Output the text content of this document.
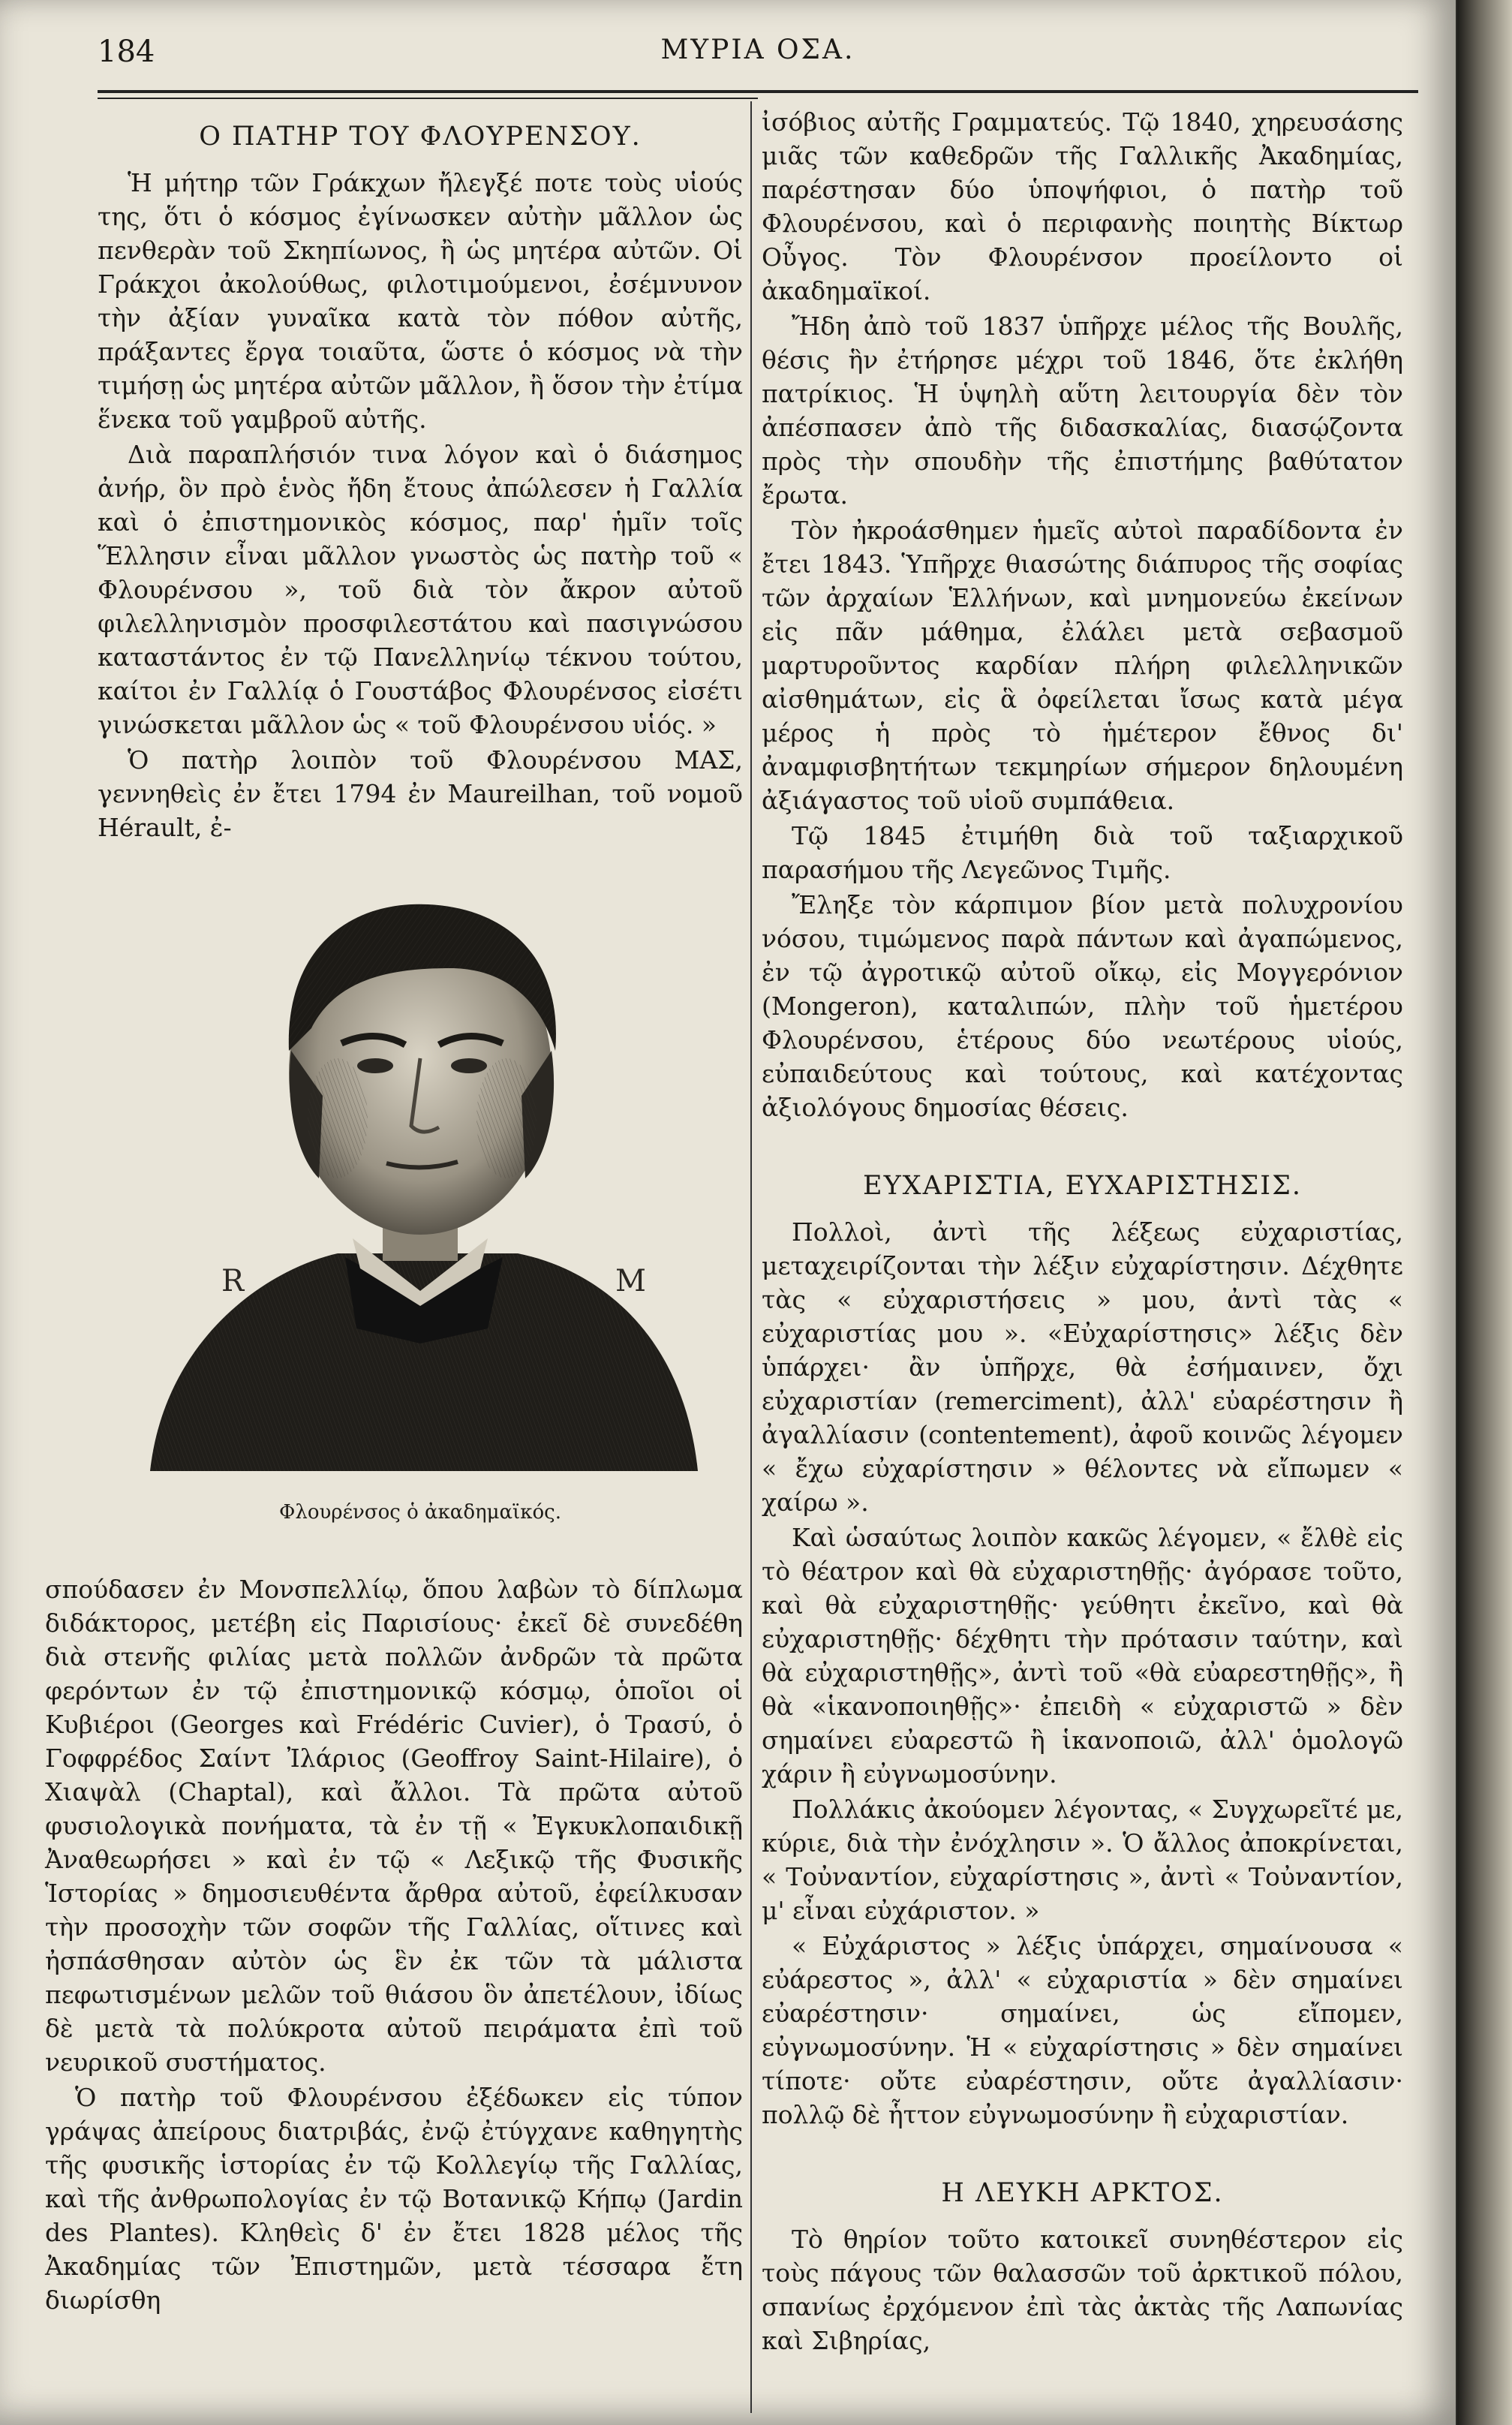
184	ΜΥΡΙΑ ΟΣΑ.
Ο ΠΑΤΗΡ ΤΟΥ ΦΛΟΥΡΕΝΣΟΥ.

Ἡ μήτηρ τῶν Γράκχων ἤλεγξέ ποτε τοὺς υἱούς της, ὅτι ὁ κόσμος ἐγίνωσκεν αὐτὴν μᾶλλον ὡς πενθερὰν τοῦ Σκηπίωνος, ἢ ὡς μητέρα αὐτῶν. Οἱ Γράκχοι ἀκολούθως, φιλοτιμούμενοι, ἐσέμνυνον τὴν ἀξίαν γυναῖκα κατὰ τὸν πόθον αὐτῆς, πράξαντες ἔργα τοιαῦτα, ὥστε ὁ κόσμος νὰ τὴν τιμήσῃ ὡς μητέρα αὐτῶν μᾶλλον, ἢ ὅσον τὴν ἐτίμα ἕνεκα τοῦ γαμβροῦ αὐτῆς.

Διὰ παραπλήσιόν τινα λόγον καὶ ὁ διάσημος ἀνήρ, ὃν πρὸ ἑνὸς ἤδη ἔτους ἀπώλεσεν ἡ Γαλλία καὶ ὁ ἐπιστημονικὸς κόσμος, παρ' ἡμῖν τοῖς Ἕλλησιν εἶναι μᾶλλον γνωστὸς ὡς πατὴρ τοῦ « Φλουρένσου », τοῦ διὰ τὸν ἄκρον αὐτοῦ φιλελληνισμὸν προσφιλεστάτου καὶ πασιγνώσου καταστάντος ἐν τῷ Πανελληνίῳ τέκνου τούτου, καίτοι ἐν Γαλλίᾳ ὁ Γουστάβος Φλουρένσος εἰσέτι γινώσκεται μᾶλλον ὡς « τοῦ Φλουρένσου υἱός. »

Ὁ πατὴρ λοιπὸν τοῦ Φλουρένσου ΜΑΣ, γεννηθεὶς ἐν ἔτει 1794 ἐν Maureilhan, τοῦ νομοῦ Hérault, ἐ-

R	M
Φλουρένσος ὁ ἀκαδημαϊκός.

σπούδασεν ἐν Μονσπελλίῳ, ὅπου λαβὼν τὸ δίπλωμα διδάκτορος, μετέβη εἰς Παρισίους· ἐκεῖ δὲ συνεδέθη διὰ στενῆς φιλίας μετὰ πολλῶν ἀνδρῶν τὰ πρῶτα φερόντων ἐν τῷ ἐπιστημονικῷ κόσμῳ, ὁποῖοι οἱ Κυβιέροι (Georges καὶ Frédéric Cuvier), ὁ Τρασύ, ὁ Γοφφρέδος Σαίντ Ἰλάριος (Geoffroy Saint-Hilaire), ὁ Χιαψὰλ (Chaptal), καὶ ἄλλοι. Τὰ πρῶτα αὐτοῦ φυσιολογικὰ πονήματα, τὰ ἐν τῇ « Ἐγκυκλοπαιδικῇ Ἀναθεωρήσει » καὶ ἐν τῷ « Λεξικῷ τῆς Φυσικῆς Ἱστορίας » δημοσιευθέντα ἄρθρα αὐτοῦ, ἐφείλκυσαν τὴν προσοχὴν τῶν σοφῶν τῆς Γαλλίας, οἵτινες καὶ ἠσπάσθησαν αὐτὸν ὡς ἓν ἐκ τῶν τὰ μάλιστα πεφωτισμένων μελῶν τοῦ θιάσου ὃν ἀπετέλουν, ἰδίως δὲ μετὰ τὰ πολύκροτα αὐτοῦ πειράματα ἐπὶ τοῦ νευρικοῦ συστήματος.

Ὁ πατὴρ τοῦ Φλουρένσου ἐξέδωκεν εἰς τύπον γράψας ἀπείρους διατριβάς, ἐνῷ ἐτύγχανε καθηγητὴς τῆς φυσικῆς ἱστορίας ἐν τῷ Κολλεγίῳ τῆς Γαλλίας, καὶ τῆς ἀνθρωπολογίας ἐν τῷ Βοτανικῷ Κήπῳ (Jardin des Plantes). Κληθεὶς δ' ἐν ἔτει 1828 μέλος τῆς Ἀκαδημίας τῶν Ἐπιστημῶν, μετὰ τέσσαρα ἔτη διωρίσθη

ἰσόβιος αὐτῆς Γραμματεύς. Τῷ 1840, χηρευσάσης μιᾶς τῶν καθεδρῶν τῆς Γαλλικῆς Ἀκαδημίας, παρέστησαν δύο ὑποψήφιοι, ὁ πατὴρ τοῦ Φλουρένσου, καὶ ὁ περιφανὴς ποιητὴς Βίκτωρ Οὖγος. Τὸν Φλουρένσον προείλοντο οἱ ἀκαδημαϊκοί.

Ἤδη ἀπὸ τοῦ 1837 ὑπῆρχε μέλος τῆς Βουλῆς, θέσις ἣν ἐτήρησε μέχρι τοῦ 1846, ὅτε ἐκλήθη πατρίκιος. Ἡ ὑψηλὴ αὕτη λειτουργία δὲν τὸν ἀπέσπασεν ἀπὸ τῆς διδασκαλίας, διασῴζοντα πρὸς τὴν σπουδὴν τῆς ἐπιστήμης βαθύτατον ἔρωτα.

Τὸν ἠκροάσθημεν ἡμεῖς αὐτοὶ παραδίδοντα ἐν ἔτει 1843. Ὑπῆρχε θιασώτης διάπυρος τῆς σοφίας τῶν ἀρχαίων Ἑλλήνων, καὶ μνημονεύω ἐκείνων εἰς πᾶν μάθημα, ἐλάλει μετὰ σεβασμοῦ μαρτυροῦντος καρδίαν πλήρη φιλελληνικῶν αἰσθημάτων, εἰς ἃ ὀφείλεται ἴσως κατὰ μέγα μέρος ἡ πρὸς τὸ ἡμέτερον ἔθνος δι' ἀναμφισβητήτων τεκμηρίων σήμερον δηλουμένη ἀξιάγαστος τοῦ υἱοῦ συμπάθεια.

Τῷ 1845 ἐτιμήθη διὰ τοῦ ταξιαρχικοῦ παρασήμου τῆς Λεγεῶνος Τιμῆς.

Ἔληξε τὸν κάρπιμον βίον μετὰ πολυχρονίου νόσου, τιμώμενος παρὰ πάντων καὶ ἀγαπώμενος, ἐν τῷ ἀγροτικῷ αὐτοῦ οἴκῳ, εἰς Μογγερόνιον (Mongeron), καταλιπών, πλὴν τοῦ ἡμετέρου Φλουρένσου, ἑτέρους δύο νεωτέρους υἱούς, εὐπαιδεύτους καὶ τούτους, καὶ κατέχοντας ἀξιολόγους δημοσίας θέσεις.

ΕΥΧΑΡΙΣΤΙΑ, ΕΥΧΑΡΙΣΤΗΣΙΣ.

Πολλοὶ, ἀντὶ τῆς λέξεως εὐχαριστίας, μεταχειρίζονται τὴν λέξιν εὐχαρίστησιν. Δέχθητε τὰς « εὐχαριστήσεις » μου, ἀντὶ τὰς « εὐχαριστίας μου ». «Εὐχαρίστησις» λέξις δὲν ὑπάρχει· ἂν ὑπῆρχε, θὰ ἐσήμαινεν, ὄχι εὐχαριστίαν (remerciment), ἀλλ' εὐαρέστησιν ἢ ἀγαλλίασιν (contentement), ἀφοῦ κοινῶς λέγομεν « ἔχω εὐχαρίστησιν » θέλοντες νὰ εἴπωμεν « χαίρω ».

Καὶ ὡσαύτως λοιπὸν κακῶς λέγομεν, « ἔλθὲ εἰς τὸ θέατρον καὶ θὰ εὐχαριστηθῇς· ἀγόρασε τοῦτο, καὶ θὰ εὐχαριστηθῇς· γεύθητι ἐκεῖνο, καὶ θὰ εὐχαριστηθῇς· δέχθητι τὴν πρότασιν ταύτην, καὶ θὰ εὐχαριστηθῇς», ἀντὶ τοῦ «θὰ εὐαρεστηθῇς», ἢ θὰ «ἱκανοποιηθῇς»· ἐπειδὴ « εὐχαριστῶ » δὲν σημαίνει εὐαρεστῶ ἢ ἱκανοποιῶ, ἀλλ' ὁμολογῶ χάριν ἢ εὐγνωμοσύνην.

Πολλάκις ἀκούομεν λέγοντας, « Συγχωρεῖτέ με, κύριε, διὰ τὴν ἐνόχλησιν ». Ὁ ἄλλος ἀποκρίνεται, « Τοὐναντίον, εὐχαρίστησις », ἀντὶ « Τοὐναντίον, μ' εἶναι εὐχάριστον. »

« Εὐχάριστος » λέξις ὑπάρχει, σημαίνουσα « εὐάρεστος », ἀλλ' « εὐχαριστία » δὲν σημαίνει εὐαρέστησιν· σημαίνει, ὡς εἴπομεν, εὐγνωμοσύνην. Ἡ « εὐχαρίστησις » δὲν σημαίνει τίποτε· οὔτε εὐαρέστησιν, οὔτε ἀγαλλίασιν· πολλῷ δὲ ἧττον εὐγνωμοσύνην ἢ εὐχαριστίαν.

Η ΛΕΥΚΗ ΑΡΚΤΟΣ.

Τὸ θηρίον τοῦτο κατοικεῖ συνηθέστερον εἰς τοὺς πάγους τῶν θαλασσῶν τοῦ ἀρκτικοῦ πόλου, σπανίως ἐρχόμενον ἐπὶ τὰς ἀκτὰς τῆς Λαπωνίας καὶ Σιβηρίας,
